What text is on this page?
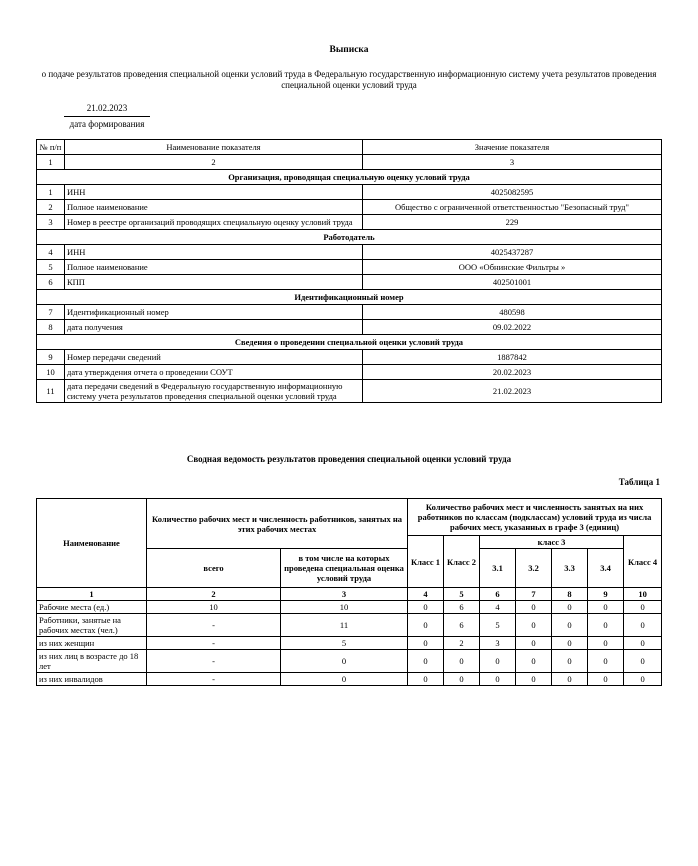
Выписка
о подаче результатов проведения специальной оценки условий труда в Федеральную государственную информационную систему учета результатов проведения специальной оценки условий труда
21.02.2023
дата формирования
№ п/п	Наименование показателя	Значение показателя
1	2	3
Организация, проводящая специальную оценку условий труда		
1	ИНН	4025082595
2	Полное наименование	Общество с ограниченной ответственностью "Безопасный труд"
3	Номер в реестре организаций проводящих специальную оценку условий труда	229
Работодатель		
4	ИНН	4025437287
5	Полное наименование	ООО «Обнинские Фильтры »
6	КПП	402501001
Идентификационный номер		
7	Идентификационный номер	480598
8	дата получения	09.02.2022
Сведения о проведении специальной оценки условий труда		
9	Номер передачи сведений	1887842
10	дата утверждения отчета о проведении СОУТ	20.02.2023
11	дата передачи сведений в Федеральную государственную информационную систему учета результатов проведения специальной оценки условий труда	21.02.2023
Сводная ведомость результатов проведения специальной оценки условий труда
Таблица 1
Наименование	Количество рабочих мест и численность работников, занятых на этих рабочих местах		Количество рабочих мест и численность занятых на них работников по классам (подклассам) условий труда из числа рабочих мест, указанных в графе 3 (единиц)						
			Класс 1	Класс 2	класс 3				Класс 4
	всего	в том числе на которых проведена специальная оценка условий труда			3.1	3.2	3.3	3.4	
1	2	3	4	5	6	7	8	9	10
Рабочие места (ед.)	10	10	0	6	4	0	0	0	0
Работники, занятые на рабочих местах (чел.)	-	11	0	6	5	0	0	0	0
из них женщин	-	5	0	2	3	0	0	0	0
из них лиц в возрасте до 18 лет	-	0	0	0	0	0	0	0	0
из них инвалидов	-	0	0	0	0	0	0	0	0
